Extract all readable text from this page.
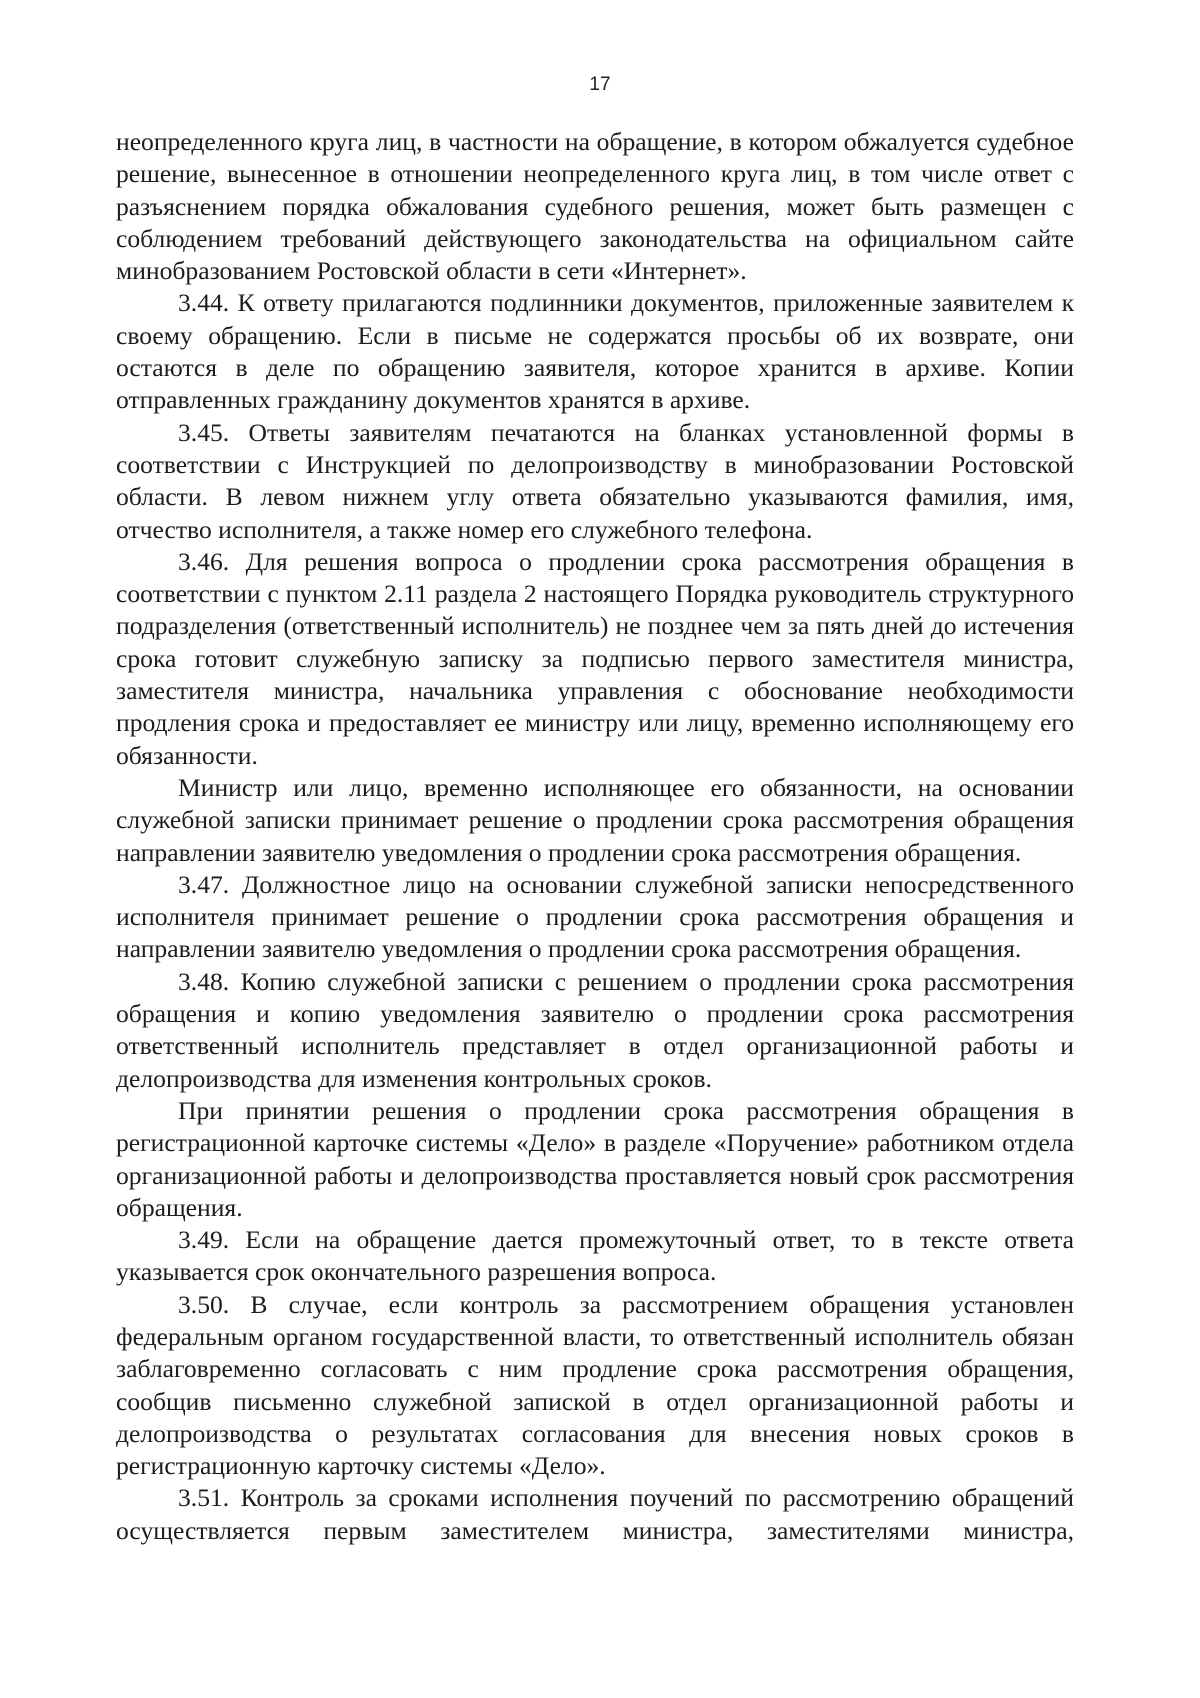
17

неопределенного круга лиц, в частности на обращение, в котором обжалуется судебное решение, вынесенное в отношении неопределенного круга лиц, в том числе ответ с разъяснением порядка обжалования судебного решения, может быть размещен с соблюдением требований действующего законодательства на официальном сайте минобразованием Ростовской области в сети «Интернет».

3.44. К ответу прилагаются подлинники документов, приложенные заявителем к своему обращению. Если в письме не содержатся просьбы об их возврате, они остаются в деле по обращению заявителя, которое хранится в архиве. Копии отправленных гражданину документов хранятся в архиве.

3.45. Ответы заявителям печатаются на бланках установленной формы в соответствии с Инструкцией по делопроизводству в минобразовании Ростовской области. В левом нижнем углу ответа обязательно указываются фамилия, имя, отчество исполнителя, а также номер его служебного телефона.

3.46. Для решения вопроса о продлении срока рассмотрения обращения в соответствии с пунктом 2.11 раздела 2 настоящего Порядка руководитель структурного подразделения (ответственный исполнитель) не позднее чем за пять дней до истечения срока готовит служебную записку за подписью первого заместителя министра, заместителя министра, начальника управления с обоснование необходимости продления срока и предоставляет ее министру или лицу, временно исполняющему его обязанности.

Министр или лицо, временно исполняющее его обязанности, на основании служебной записки принимает решение о продлении срока рассмотрения обращения направлении заявителю уведомления о продлении срока рассмотрения обращения.

3.47. Должностное лицо на основании служебной записки непосредственного исполнителя принимает решение о продлении срока рассмотрения обращения и направлении заявителю уведомления о продлении срока рассмотрения обращения.

3.48. Копию служебной записки с решением о продлении срока рассмотрения обращения и копию уведомления заявителю о продлении срока рассмотрения ответственный исполнитель представляет в отдел организационной работы и делопроизводства для изменения контрольных сроков.

При принятии решения о продлении срока рассмотрения обращения в регистрационной карточке системы «Дело» в разделе «Поручение» работником отдела организационной работы и делопроизводства проставляется новый срок рассмотрения обращения.

3.49. Если на обращение дается промежуточный ответ, то в тексте ответа указывается срок окончательного разрешения вопроса.

3.50. В случае, если контроль за рассмотрением обращения установлен федеральным органом государственной власти, то ответственный исполнитель обязан заблаговременно согласовать с ним продление срока рассмотрения обращения, сообщив письменно служебной запиской в отдел организационной работы и делопроизводства о результатах согласования для внесения новых сроков в регистрационную карточку системы «Дело».

3.51. Контроль за сроками исполнения поучений по рассмотрению обращений осуществляется первым заместителем министра, заместителями министра,
